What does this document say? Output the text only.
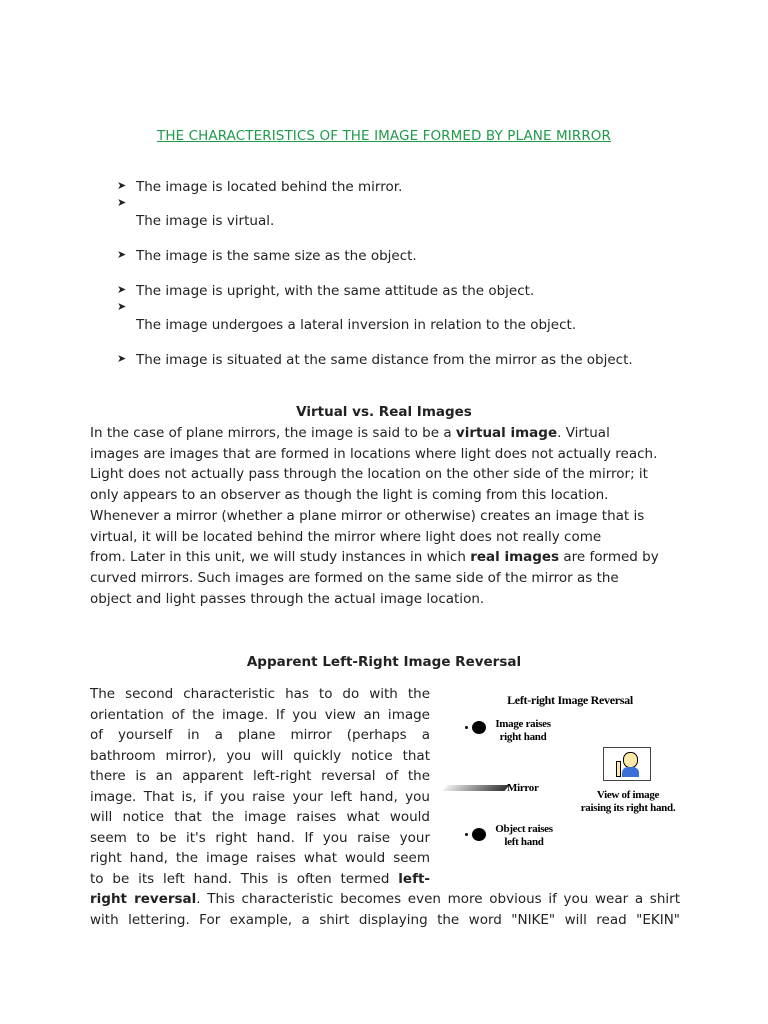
THE CHARACTERISTICS OF THE IMAGE FORMED BY PLANE MIRROR
➤ The image is located behind the mirror.
➤
The image is virtual.
➤ The image is the same size as the object.
➤ The image is upright, with the same attitude as the object.
➤
The image undergoes a lateral inversion in relation to the object.
➤ The image is situated at the same distance from the mirror as the object.
Virtual vs. Real Images
In the case of plane mirrors, the image is said to be a virtual image. Virtual
images are images that are formed in locations where light does not actually reach.
Light does not actually pass through the location on the other side of the mirror; it
only appears to an observer as though the light is coming from this location.
Whenever a mirror (whether a plane mirror or otherwise) creates an image that is
virtual, it will be located behind the mirror where light does not really come
from. Later in this unit, we will study instances in which real images are formed by
curved mirrors. Such images are formed on the same side of the mirror as the
object and light passes through the actual image location.
Apparent Left-Right Image Reversal
The second characteristic has to do with the
orientation of the image. If you view an image
of yourself in a plane mirror (perhaps a
bathroom mirror), you will quickly notice that
there is an apparent left-right reversal of the
image. That is, if you raise your left hand, you
will notice that the image raises what would
seem to be it's right hand. If you raise your
right hand, the image raises what would seem
to be its left hand. This is often termed left-
right reversal. This characteristic becomes even more obvious if you wear a shirt
with lettering. For example, a shirt displaying the word "NIKE" will read "EKIN"
Left-right Image Reversal
Image raises
right hand
Mirror
View of image
raising its right hand.
Object raises
left hand
